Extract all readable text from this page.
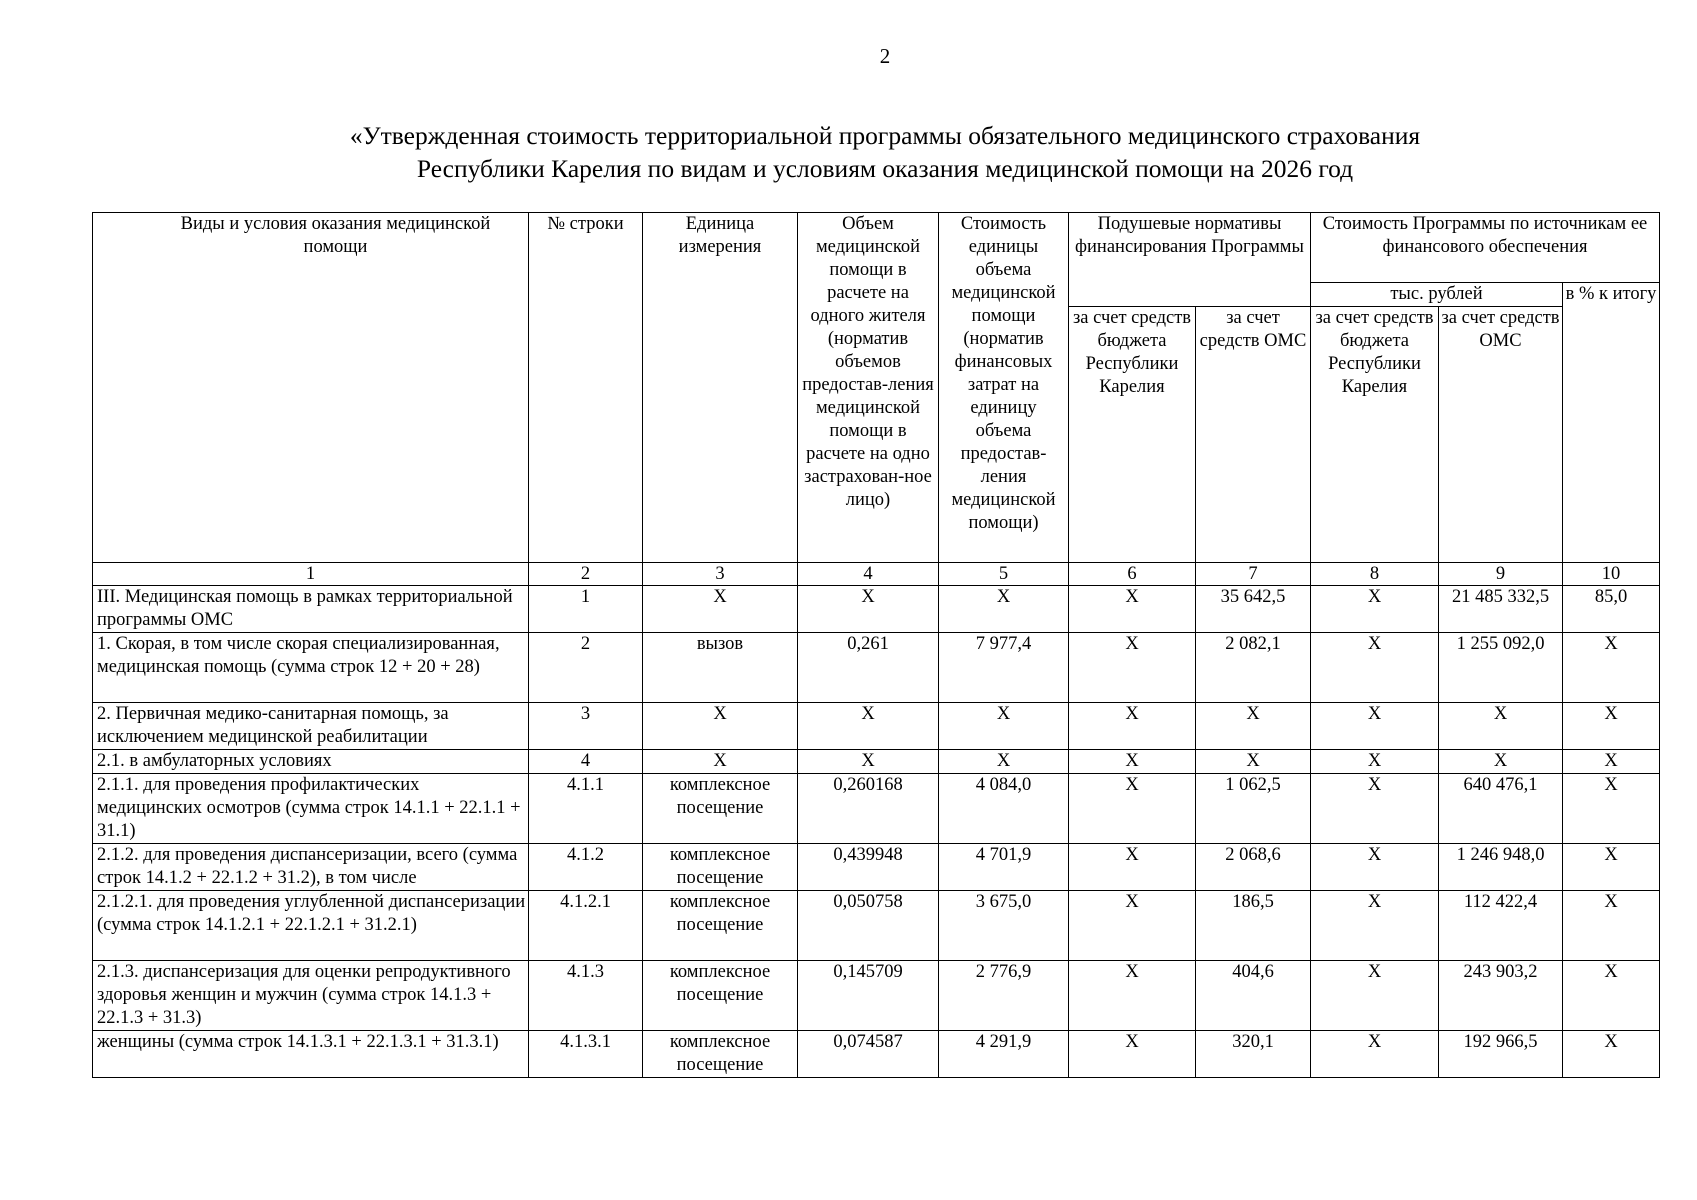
2
«Утвержденная стоимость территориальной программы обязательного медицинского страхования
Республики Карелия по видам и условиям оказания медицинской помощи на 2026 год
Виды и условия оказания медицинской помощи	№ строки	Единица измерения	Объем медицинской помощи в расчете на одного жителя (норматив объемов предостав-ления медицинской помощи в расчете на одно застрахован-ное лицо)	Стоимость единицы объема медицинской помощи (норматив финансовых затрат на единицу объема предостав-ления медицинской помощи)	Подушевые нормативы финансирования Программы		Стоимость Программы по источникам ее финансового обеспечения		
							тыс. рублей		в % к итогу
					за счет средств бюджета Республики Карелия	за счет средств ОМС	за счет средств бюджета Республики Карелия	за счет средств ОМС	
1	2	3	4	5	6	7	8	9	10
III. Медицинская помощь в рамках территориальной программы ОМС	1	X	X	X	X	35 642,5	X	21 485 332,5	85,0
1. Скорая, в том числе скорая специализированная, медицинская помощь (сумма строк 12 + 20 + 28)	2	вызов	0,261	7 977,4	X	2 082,1	X	1 255 092,0	X
2. Первичная медико-санитарная помощь, за исключением медицинской реабилитации	3	X	X	X	X	X	X	X	X
2.1. в амбулаторных условиях	4	X	X	X	X	X	X	X	X
2.1.1. для проведения профилактических медицинских осмотров (сумма строк 14.1.1 + 22.1.1 + 31.1)	4.1.1	комплексное посещение	0,260168	4 084,0	X	1 062,5	X	640 476,1	X
2.1.2. для проведения диспансеризации, всего (сумма строк 14.1.2 + 22.1.2 + 31.2), в том числе	4.1.2	комплексное посещение	0,439948	4 701,9	X	2 068,6	X	1 246 948,0	X
2.1.2.1. для проведения углубленной диспансеризации (сумма строк 14.1.2.1 + 22.1.2.1 + 31.2.1)	4.1.2.1	комплексное посещение	0,050758	3 675,0	X	186,5	X	112 422,4	X
2.1.3. диспансеризация для оценки репродуктивного здоровья женщин и мужчин (сумма строк 14.1.3 + 22.1.3 + 31.3)	4.1.3	комплексное посещение	0,145709	2 776,9	X	404,6	X	243 903,2	X
женщины (сумма строк 14.1.3.1 + 22.1.3.1 + 31.3.1)	4.1.3.1	комплексное посещение	0,074587	4 291,9	X	320,1	X	192 966,5	X
